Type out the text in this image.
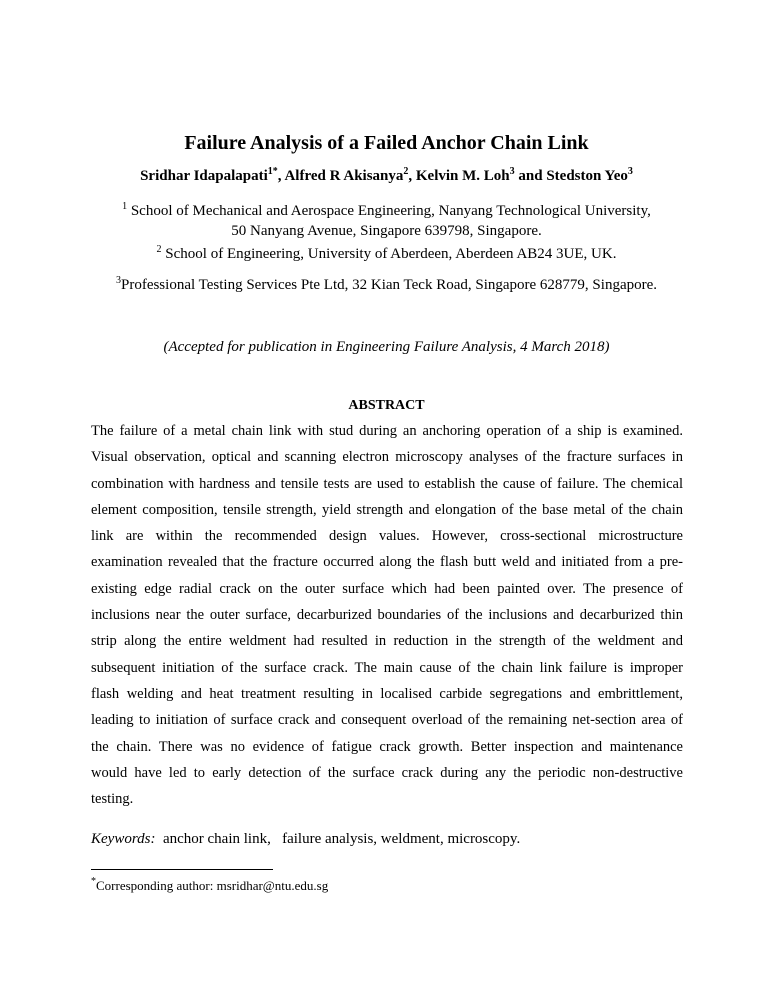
Failure Analysis of a Failed Anchor Chain Link

Sridhar Idapalapati$^{1*}$, Alfred R Akisanya$^2$, Kelvin M. Loh$^3$ and Stedston Yeo$^3$

$^1$ School of Mechanical and Aerospace Engineering, Nanyang Technological University,
50 Nanyang Avenue, Singapore 639798, Singapore.

$^2$ School of Engineering, University of Aberdeen, Aberdeen AB24 3UE, UK.

$^3$Professional Testing Services Pte Ltd, 32 Kian Teck Road, Singapore 628779, Singapore.

(Accepted for publication in Engineering Failure Analysis, 4 March 2018)

ABSTRACT
The failure of a metal chain link with stud during an anchoring operation of a ship is examined.
Visual observation, optical and scanning electron microscopy analyses of the fracture surfaces in
combination with hardness and tensile tests are used to establish the cause of failure. The chemical
element composition, tensile strength, yield strength and elongation of the base metal of the chain
link are within the recommended design values. However, cross-sectional microstructure
examination revealed that the fracture occurred along the flash butt weld and initiated from a pre-
existing edge radial crack on the outer surface which had been painted over. The presence of
inclusions near the outer surface, decarburized boundaries of the inclusions and decarburized thin
strip along the entire weldment had resulted in reduction in the strength of the weldment and
subsequent initiation of the surface crack. The main cause of the chain link failure is improper
flash welding and heat treatment resulting in localised carbide segregations and embrittlement,
leading to initiation of surface crack and consequent overload of the remaining net-section area of
the chain. There was no evidence of fatigue crack growth. Better inspection and maintenance
would have led to early detection of the surface crack during any the periodic non-destructive
testing.

Keywords: anchor chain link,   failure analysis, weldment, microscopy.

*Corresponding author: msridhar@ntu.edu.sg
